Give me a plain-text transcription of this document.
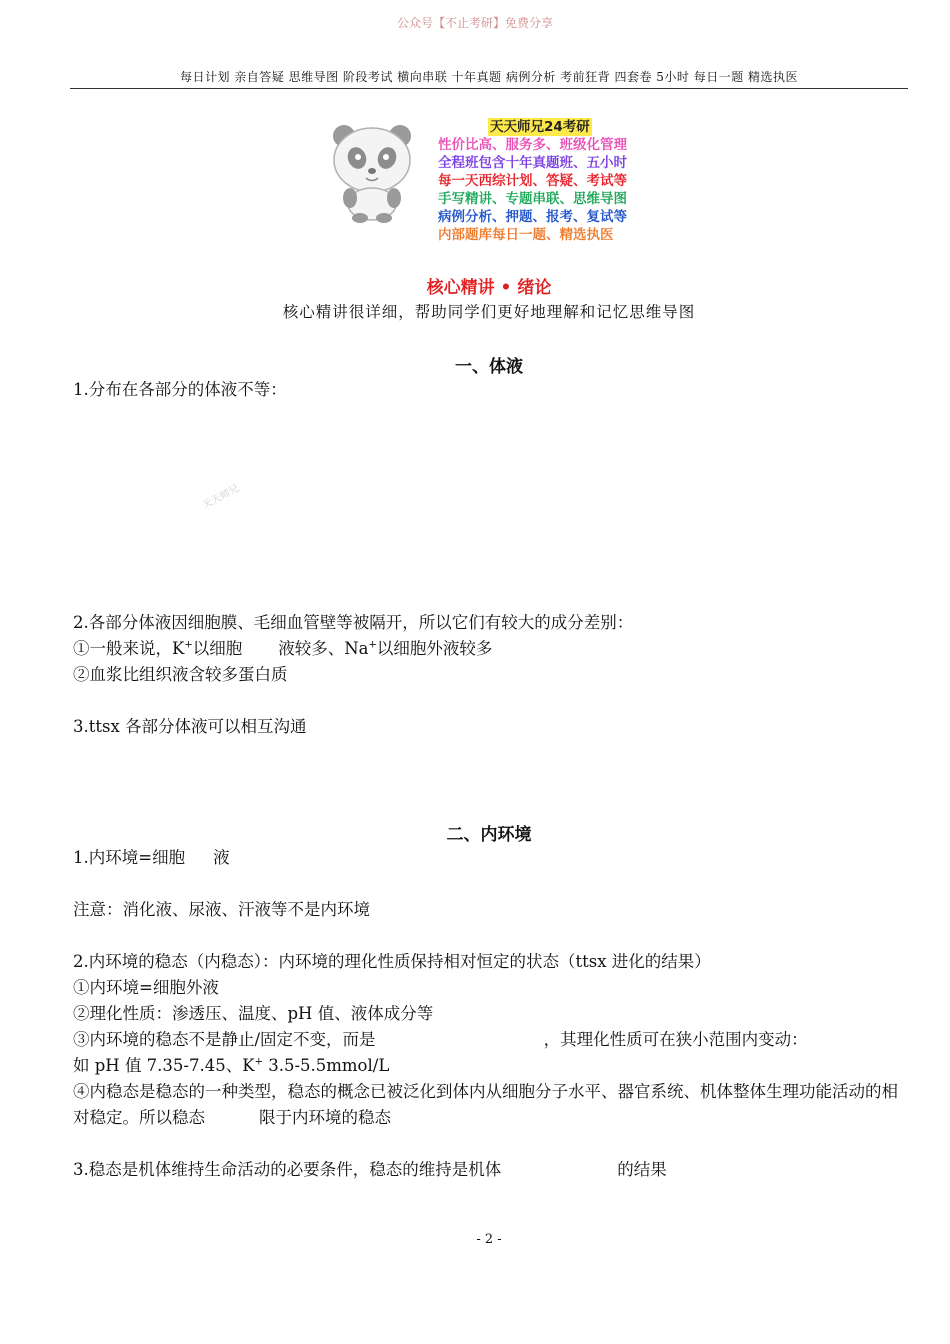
公众号【不止考研】免费分享
每日计划 亲自答疑 思维导图 阶段考试 横向串联 十年真题 病例分析 考前狂背 四套卷 5小时 每日一题 精选执医
天天师兄24考研
性价比高、服务多、班级化管理
全程班包含十年真题班、五小时
每一天西综计划、答疑、考试等
手写精讲、专题串联、思维导图
病例分析、押题、报考、复试等
内部题库每日一题、精选执医
核心精讲 • 绪论
核心精讲很详细，帮助同学们更好地理解和记忆思维导图
一、体液
1.分布在各部分的体液不等：
天天师兄
2.各部分体液因细胞膜、毛细血管壁等被隔开，所以它们有较大的成分差别：
①一般来说，K+以细胞 液较多、Na+以细胞外液较多
②血浆比组织液含较多蛋白质
3.ttsx 各部分体液可以相互沟通
二、内环境
1.内环境=细胞 液
注意：消化液、尿液、汗液等不是内环境
2.内环境的稳态（内稳态）：内环境的理化性质保持相对恒定的状态（ttsx 进化的结果）
①内环境=细胞外液
②理化性质：渗透压、温度、pH 值、液体成分等
③内环境的稳态不是静止/固定不变，而是	，其理化性质可在狭小范围内变动：
如 pH 值 7.35-7.45、K+ 3.5-5.5mmol/L
④内稳态是稳态的一种类型，稳态的概念已被泛化到体内从细胞分子水平、器官系统、机体整体生理功能活动的相对稳定。所以稳态	限于内环境的稳态
3.稳态是机体维持生命活动的必要条件，稳态的维持是机体	的结果
- 2 -
